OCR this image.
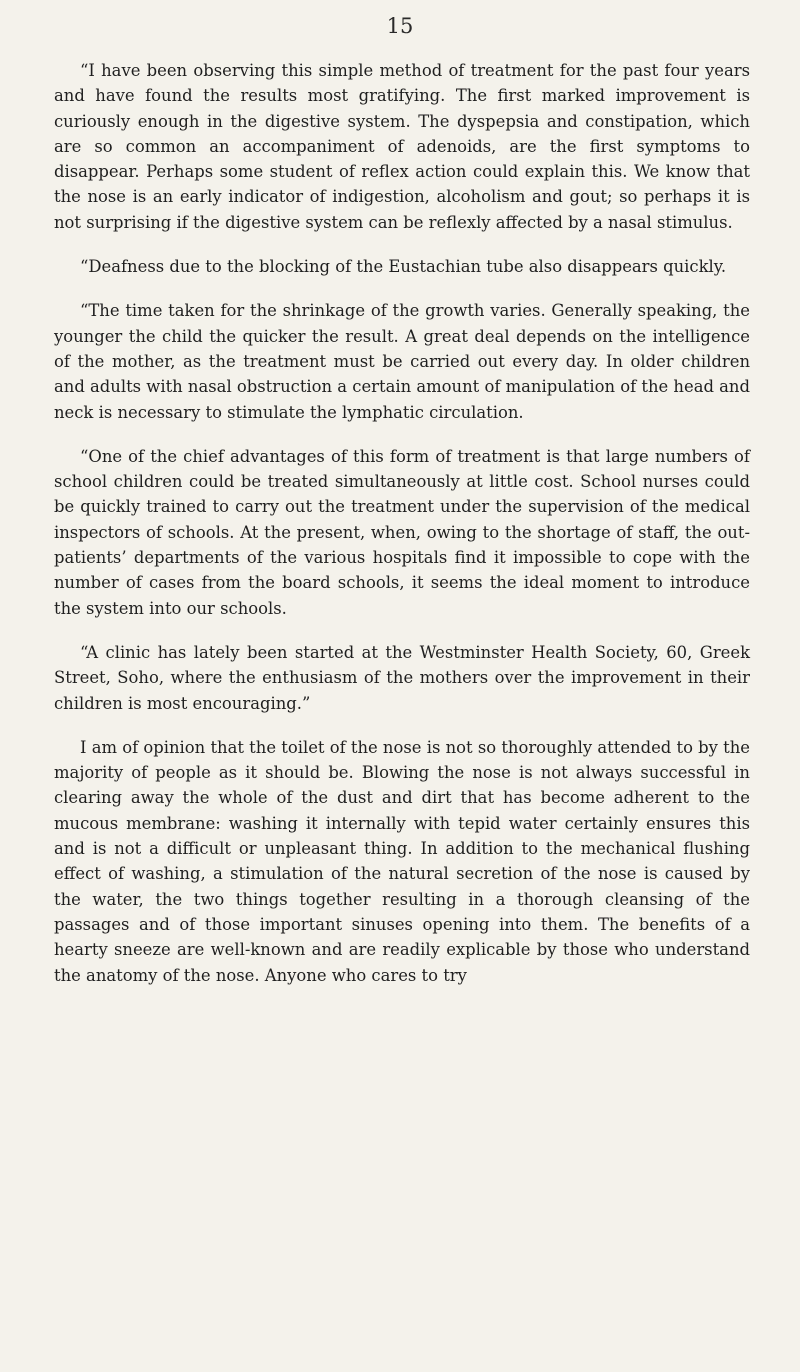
15

“I have been observing this simple method of treatment for the past four years and have found the results most gratifying. The first marked improvement is curiously enough in the digestive system. The dyspepsia and constipation, which are so common an accompaniment of adenoids, are the first symptoms to disappear. Perhaps some student of reflex action could explain this. We know that the nose is an early indicator of indigestion, alcoholism and gout; so perhaps it is not surprising if the digestive system can be reflexly affected by a nasal stimulus.

“Deafness due to the blocking of the Eustachian tube also disappears quickly.

“The time taken for the shrinkage of the growth varies. Generally speaking, the younger the child the quicker the result. A great deal depends on the intelligence of the mother, as the treatment must be carried out every day. In older children and adults with nasal obstruction a certain amount of manipulation of the head and neck is necessary to stimulate the lymphatic circulation.

“One of the chief advantages of this form of treatment is that large numbers of school children could be treated simultaneously at little cost. School nurses could be quickly trained to carry out the treatment under the supervision of the medical inspectors of schools. At the present, when, owing to the shortage of staff, the out-patients’ departments of the various hospitals find it impossible to cope with the number of cases from the board schools, it seems the ideal moment to introduce the system into our schools.

“A clinic has lately been started at the Westminster Health Society, 60, Greek Street, Soho, where the enthusiasm of the mothers over the improvement in their children is most encouraging.”

I am of opinion that the toilet of the nose is not so thoroughly attended to by the majority of people as it should be. Blowing the nose is not always successful in clearing away the whole of the dust and dirt that has become adherent to the mucous membrane: washing it internally with tepid water certainly ensures this and is not a difficult or unpleasant thing. In addition to the mechanical flushing effect of washing, a stimulation of the natural secretion of the nose is caused by the water, the two things together resulting in a thorough cleansing of the passages and of those important sinuses opening into them. The benefits of a hearty sneeze are well-known and are readily explicable by those who understand the anatomy of the nose. Anyone who cares to try
